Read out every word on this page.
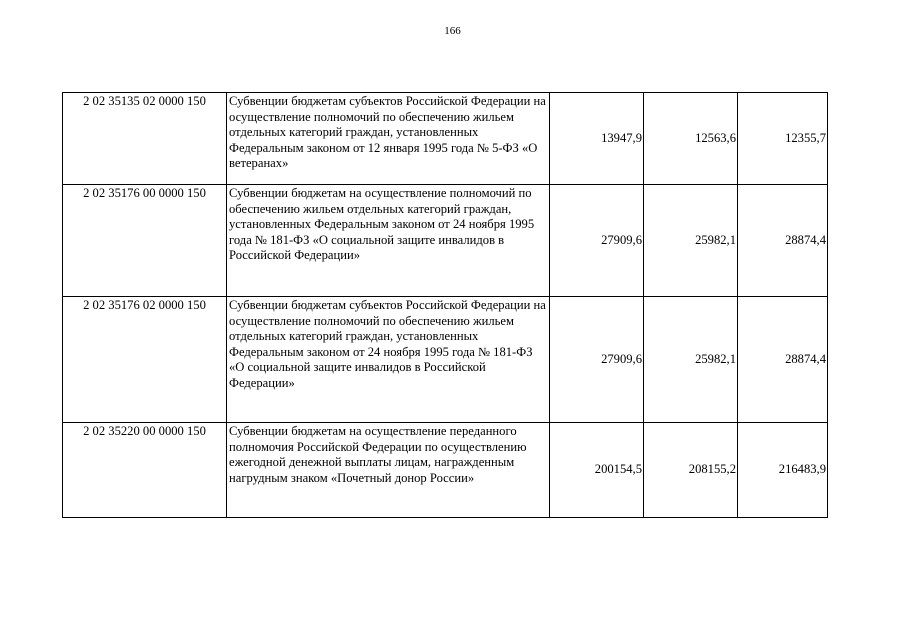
166
2 02 35135 02 0000 150	Субвенции бюджетам субъектов Российской Федерации на осуществление полномочий по обеспечению жильем отдельных категорий граждан, установленных Федеральным законом от 12 января 1995 года № 5-ФЗ «О ветеранах»	13947,9	12563,6	12355,7
2 02 35176 00 0000 150	Субвенции бюджетам на осуществление полномочий по обеспечению жильем отдельных категорий граждан, установленных Федеральным законом от 24 ноября 1995 года № 181-ФЗ «О социальной защите инвалидов в Российской Федерации»	27909,6	25982,1	28874,4
2 02 35176 02 0000 150	Субвенции бюджетам субъектов Российской Федерации на осуществление полномочий по обеспечению жильем отдельных категорий граждан, установленных Федеральным законом от 24 ноября 1995 года № 181-ФЗ «О социальной защите инвалидов в Российской Федерации»	27909,6	25982,1	28874,4
2 02 35220 00 0000 150	Субвенции бюджетам на осуществление переданного полномочия Российской Федерации по осуществлению ежегодной денежной выплаты лицам, награжденным нагрудным знаком «Почетный донор России»	200154,5	208155,2	216483,9
